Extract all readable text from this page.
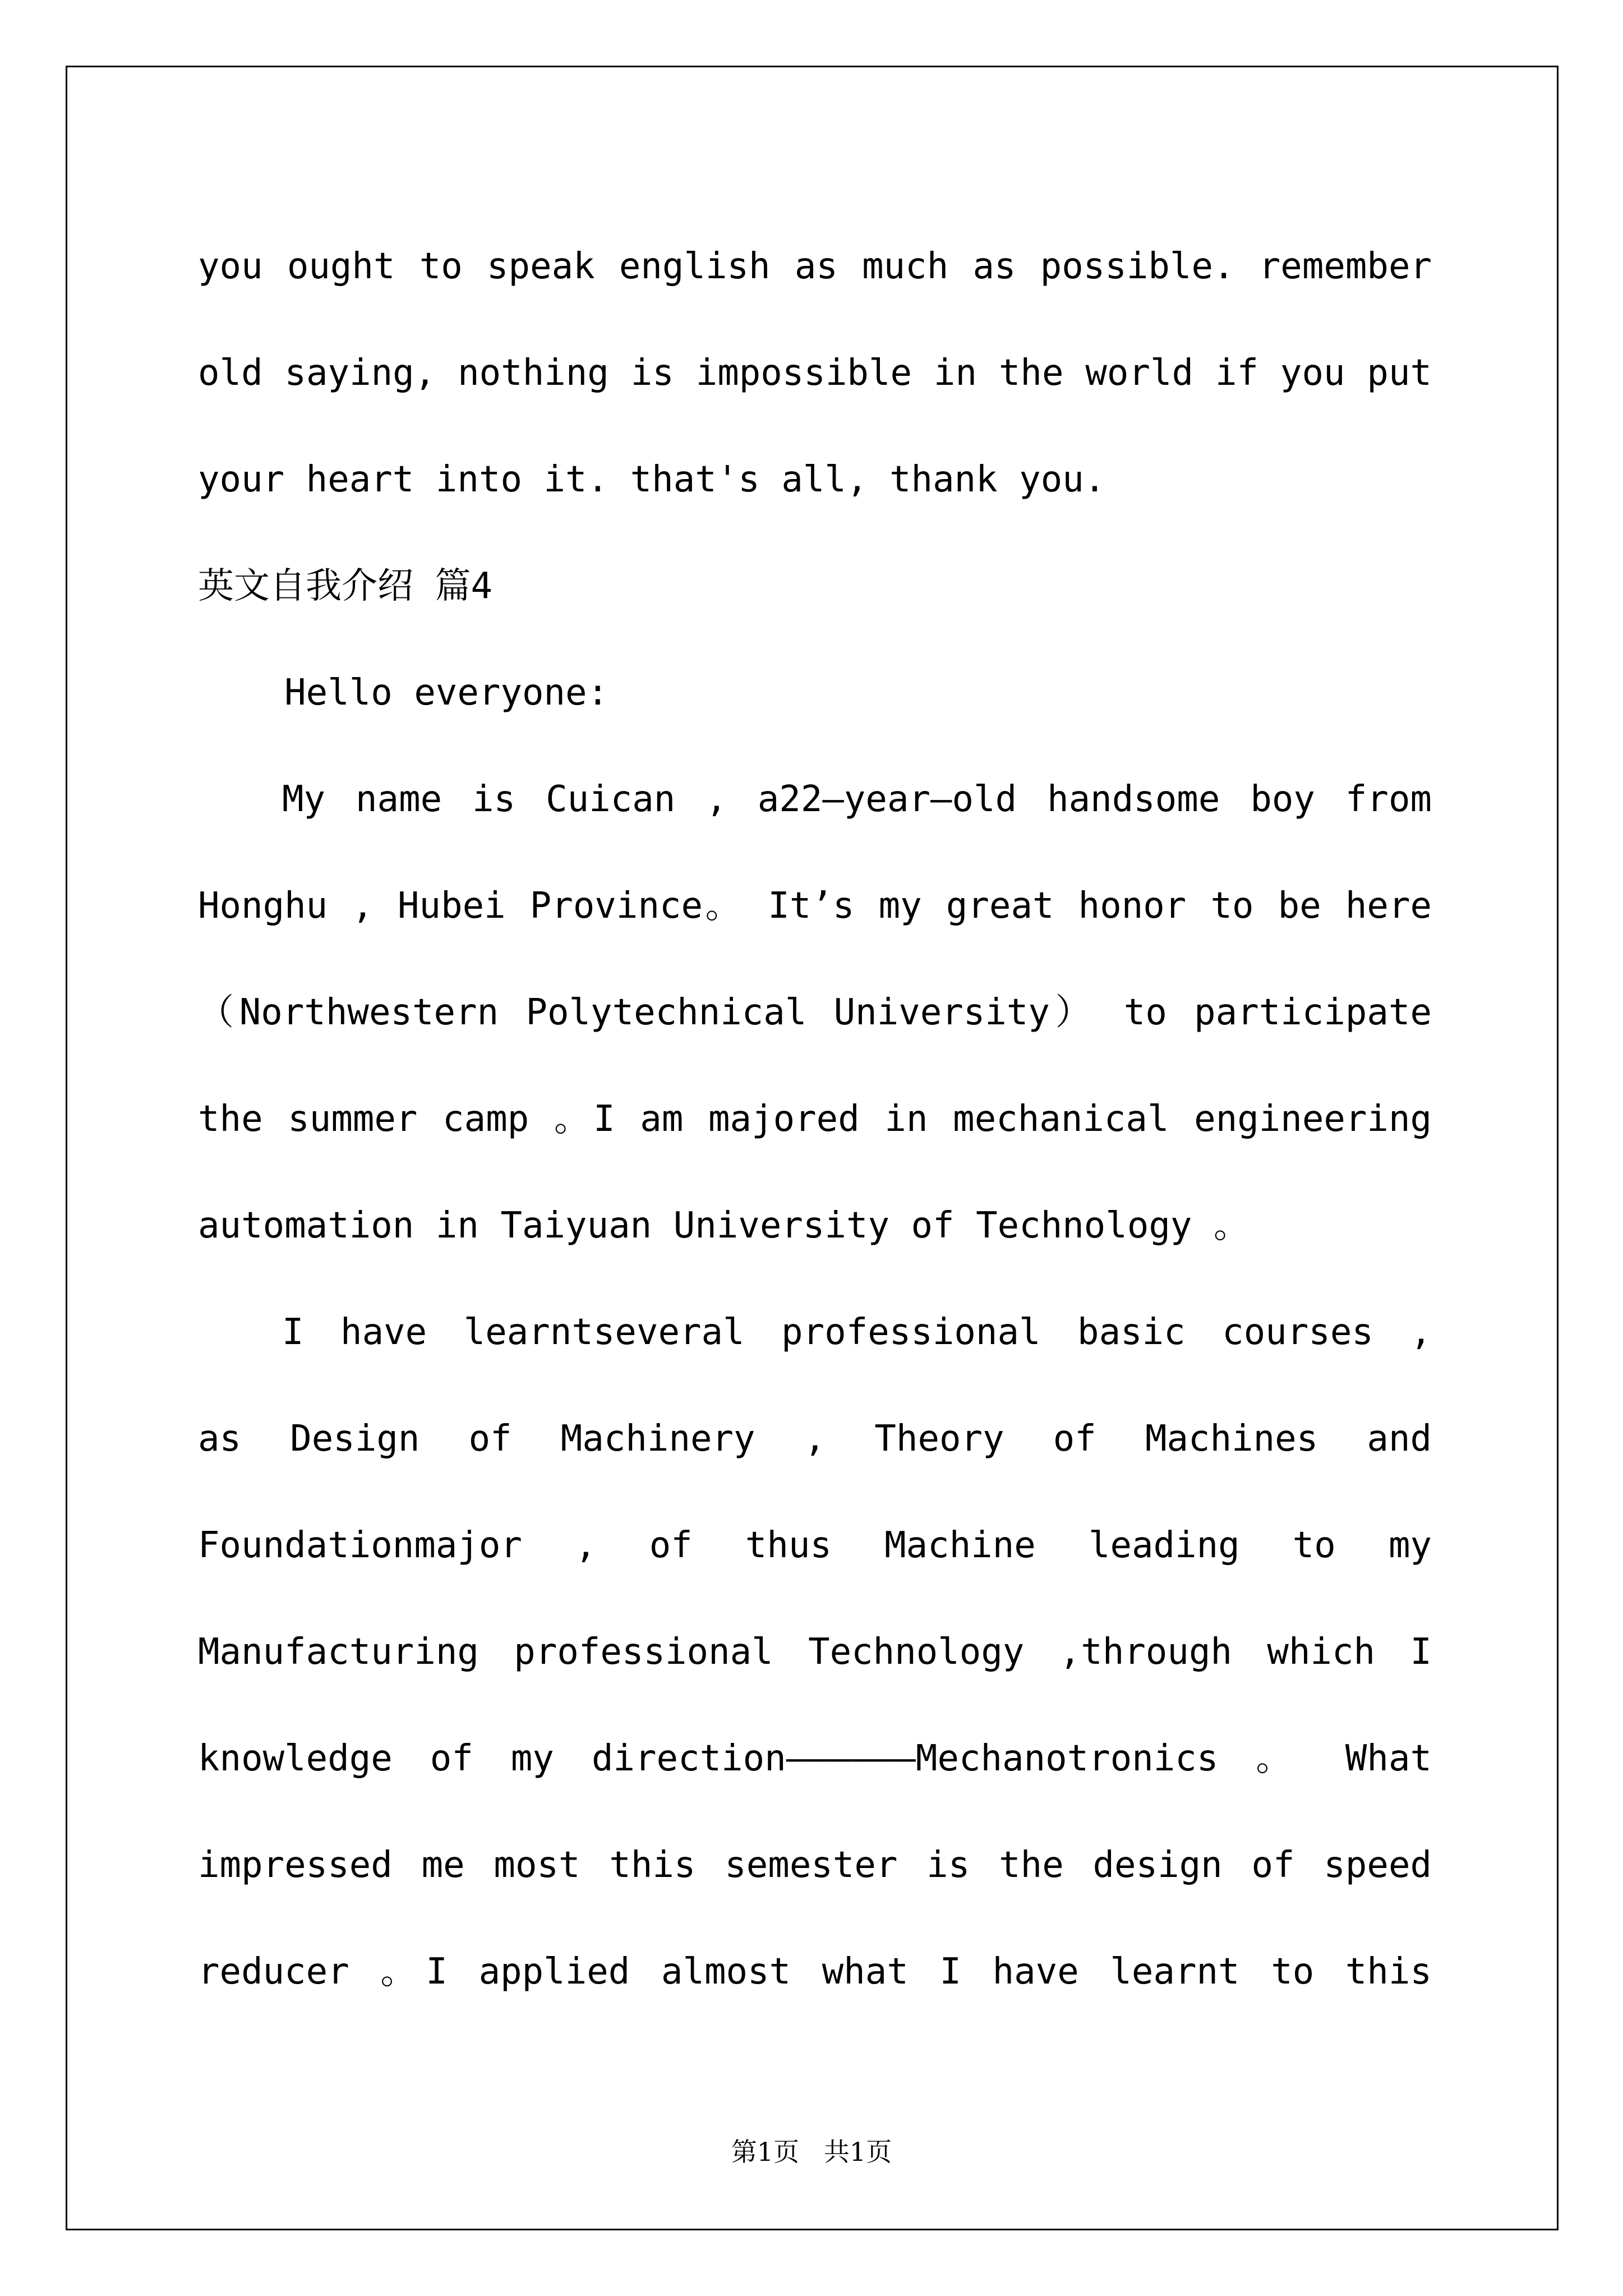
you ought to speak english as much as possible. remember
old saying, nothing is impossible in the world if you put
your heart into it. that's all, thank you.
英文自我介绍 篇4
Hello everyone:
My name is Cuican , a22—year—old handsome boy from
Honghu , Hubei Province。 It’s my great honor to be here
（Northwestern Polytechnical University） to participate
the summer camp 。I am majored in mechanical engineering
automation in Taiyuan University of Technology 。
I have learntseveral professional basic courses ,
as Design of Machinery , Theory of Machines and
Foundationmajor , of thus Machine leading to my
Manufacturing professional Technology ,through which I
knowledge of my direction——————Mechanotronics 。 What
impressed me most this semester is the design of speed
reducer 。I applied almost what I have learnt to this
第1页   共1页
